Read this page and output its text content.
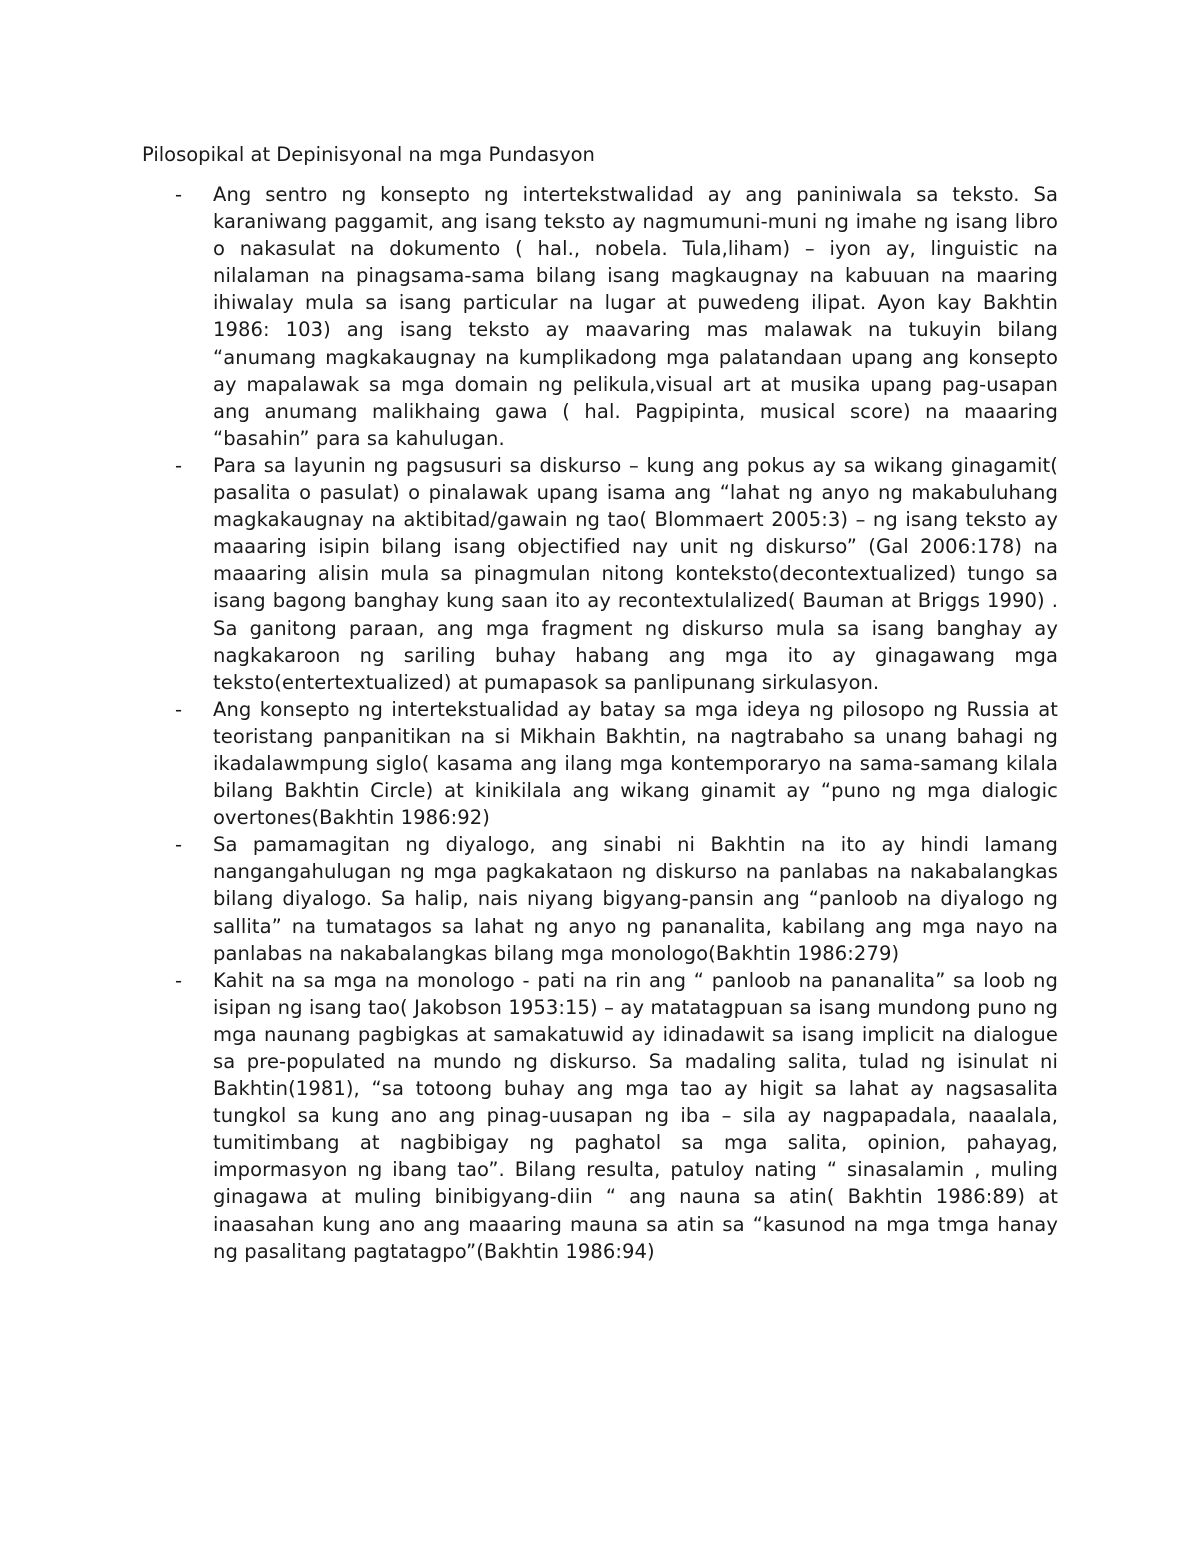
Pilosopikal at Depinisyonal na mga Pundasyon
- Ang sentro ng konsepto ng intertekstwalidad ay ang paniniwala sa teksto. Sa karaniwang paggamit, ang isang teksto ay nagmumuni-muni ng imahe ng isang libro o nakasulat na dokumento ( hal., nobela. Tula,liham) – iyon ay, linguistic na nilalaman na pinagsama-sama bilang isang magkaugnay na kabuuan na maaring ihiwalay mula sa isang particular na lugar at puwedeng ilipat. Ayon kay Bakhtin 1986: 103) ang isang teksto ay maavaring mas malawak na tukuyin bilang “anumang magkakaugnay na kumplikadong mga palatandaan upang ang konsepto ay mapalawak sa mga domain ng pelikula,visual art at musika upang pag-usapan ang anumang malikhaing gawa ( hal. Pagpipinta, musical score) na maaaring “basahin” para sa kahulugan.
- Para sa layunin ng pagsusuri sa diskurso – kung ang pokus ay sa wikang ginagamit( pasalita o pasulat) o pinalawak upang isama ang “lahat ng anyo ng makabuluhang magkakaugnay na aktibitad/gawain ng tao( Blommaert 2005:3) – ng isang teksto ay maaaring isipin bilang isang objectified nay unit ng diskurso” (Gal 2006:178) na maaaring alisin mula sa pinagmulan nitong konteksto(decontextualized) tungo sa isang bagong banghay kung saan ito ay recontextulalized( Bauman at Briggs 1990) . Sa ganitong paraan, ang mga fragment ng diskurso mula sa isang banghay ay nagkakaroon ng sariling buhay habang ang mga ito ay ginagawang mga teksto(entertextualized) at pumapasok sa panlipunang sirkulasyon.
- Ang konsepto ng intertekstualidad ay batay sa mga ideya ng pilosopo ng Russia at teoristang panpanitikan na si Mikhain Bakhtin, na nagtrabaho sa unang bahagi ng ikadalawmpung siglo( kasama ang ilang mga kontemporaryo na sama-samang kilala bilang Bakhtin Circle) at kinikilala ang wikang ginamit ay “puno ng mga dialogic overtones(Bakhtin 1986:92)
- Sa pamamagitan ng diyalogo, ang sinabi ni Bakhtin na ito ay hindi lamang nangangahulugan ng mga pagkakataon ng diskurso na panlabas na nakabalangkas bilang diyalogo. Sa halip, nais niyang bigyang-pansin ang “panloob na diyalogo ng sallita” na tumatagos sa lahat ng anyo ng pananalita, kabilang ang mga nayo na panlabas na nakabalangkas bilang mga monologo(Bakhtin 1986:279)
- Kahit na sa mga na monologo - pati na rin ang “ panloob na pananalita” sa loob ng isipan ng isang tao( Jakobson 1953:15) – ay matatagpuan sa isang mundong puno ng mga naunang pagbigkas at samakatuwid ay idinadawit sa isang implicit na dialogue sa pre-populated na mundo ng diskurso. Sa madaling salita, tulad ng isinulat ni Bakhtin(1981), “sa totoong buhay ang mga tao ay higit sa lahat ay nagsasalita tungkol sa kung ano ang pinag-uusapan ng iba – sila ay nagpapadala, naaalala, tumitimbang at nagbibigay ng paghatol sa mga salita, opinion, pahayag, impormasyon ng ibang tao”. Bilang resulta, patuloy nating “ sinasalamin , muling ginagawa at muling binibigyang-diin “ ang nauna sa atin( Bakhtin 1986:89) at inaasahan kung ano ang maaaring mauna sa atin sa “kasunod na mga tmga hanay ng pasalitang pagtatagpo”(Bakhtin 1986:94)
